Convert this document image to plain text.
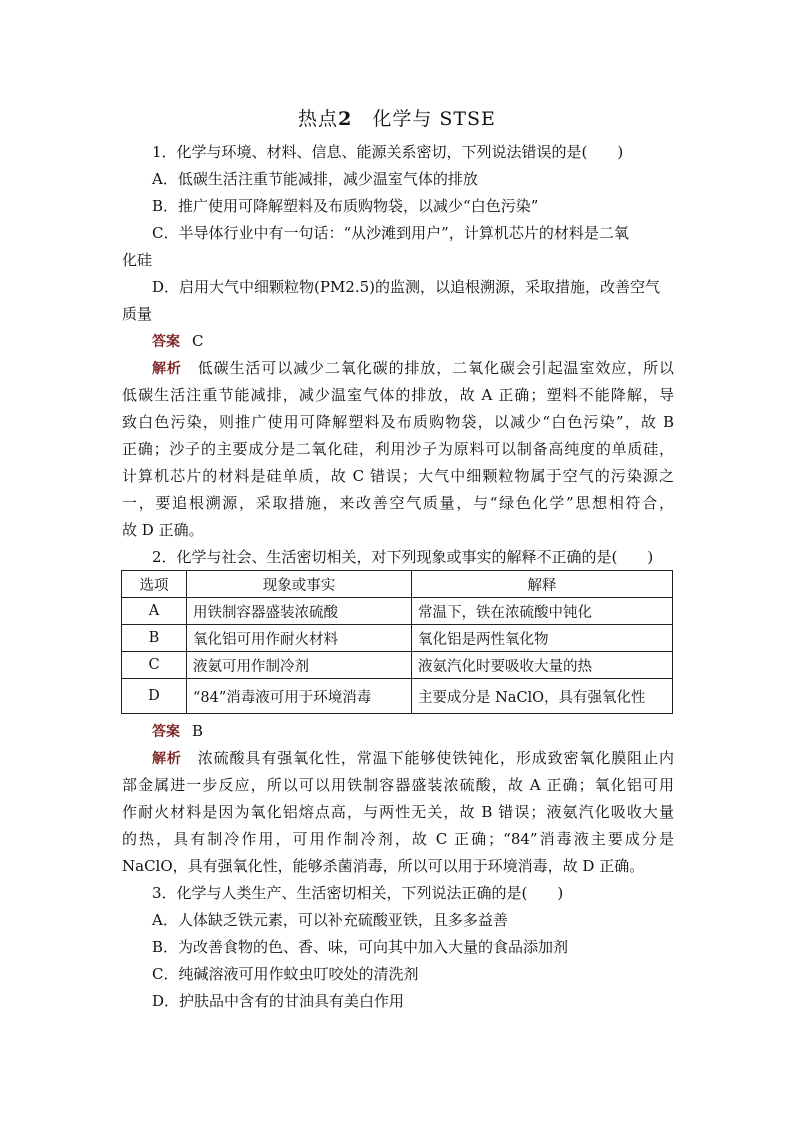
热点2　 化学与 STSE
1．化学与环境、材料、信息、能源关系密切，下列说法错误的是(　　)
A．低碳生活注重节能减排，减少温室气体的排放
B．推广使用可降解塑料及布质购物袋，以减少“白色污染”
C．半导体行业中有一句话：“从沙滩到用户”，计算机芯片的材料是二氧
化硅
D．启用大气中细颗粒物(PM2.5)的监测，以追根溯源，采取措施，改善空气
质量
答案 C
解析　 低碳生活可以减少二氧化碳的排放，二氧化碳会引起温室效应，所以
低碳生活注重节能减排，减少温室气体的排放，故 A 正确；塑料不能降解，导
致白色污染，则推广使用可降解塑料及布质购物袋，以减少“白色污染”，故 B
正确；沙子的主要成分是二氧化硅，利用沙子为原料可以制备高纯度的单质硅，
计算机芯片的材料是硅单质，故 C 错误；大气中细颗粒物属于空气的污染源之
一，要追根溯源，采取措施，来改善空气质量，与“绿色化学”思想相符合，
故 D 正确。
2．化学与社会、生活密切相关，对下列现象或事实的解释不正确的是(　　)
选项	现象或事实	解释
A	用铁制容器盛装浓硫酸	常温下，铁在浓硫酸中钝化
B	氧化铝可用作耐火材料	氧化铝是两性氧化物
C	液氨可用作制冷剂	液氨汽化时要吸收大量的热
D	“84”消毒液可用于环境消毒	主要成分是 NaClO，具有强氧化性
答案 B
解析　 浓硫酸具有强氧化性，常温下能够使铁钝化，形成致密氧化膜阻止内
部金属进一步反应，所以可以用铁制容器盛装浓硫酸，故 A 正确；氧化铝可用
作耐火材料是因为氧化铝熔点高，与两性无关，故 B 错误；液氨汽化吸收大量
的热，具有制冷作用，可用作制冷剂，故 C 正确；“84”消毒液主要成分是
NaClO，具有强氧化性，能够杀菌消毒，所以可以用于环境消毒，故 D 正确。
3．化学与人类生产、生活密切相关，下列说法正确的是(　　)
A．人体缺乏铁元素，可以补充硫酸亚铁，且多多益善
B．为改善食物的色、香、味，可向其中加入大量的食品添加剂
C．纯碱溶液可用作蚊虫叮咬处的清洗剂
D．护肤品中含有的甘油具有美白作用
